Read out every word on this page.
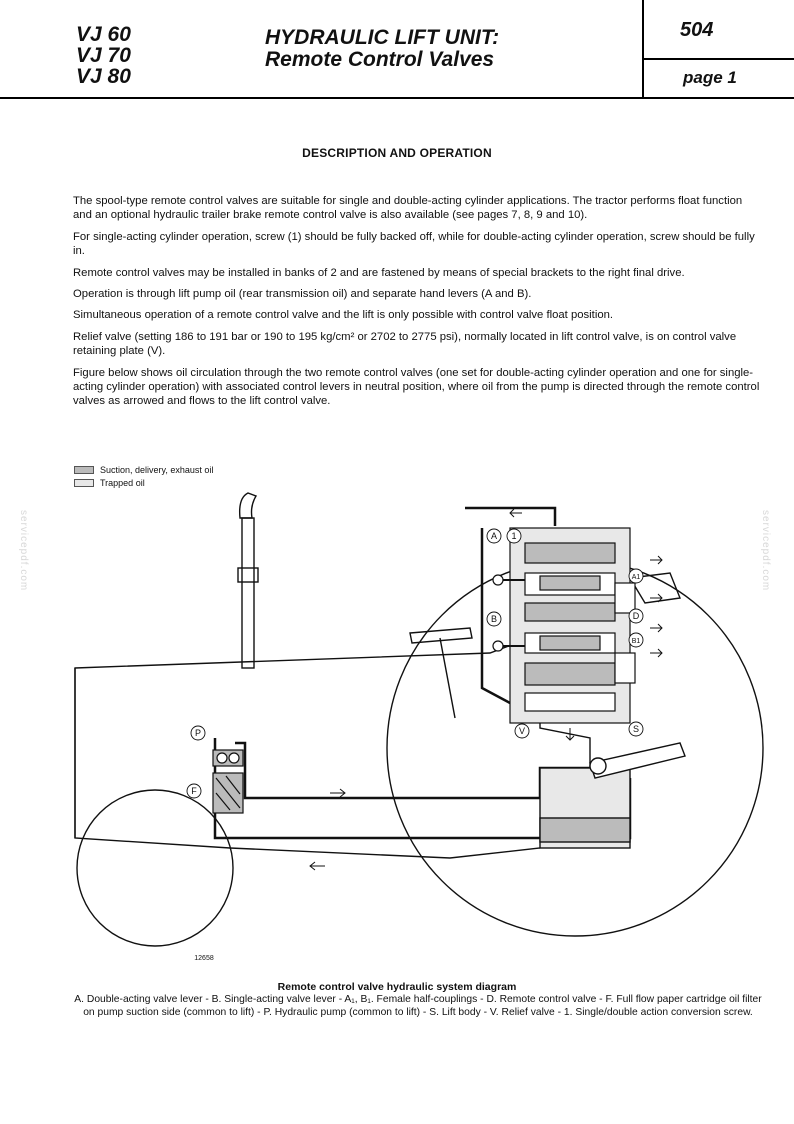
VJ 60
VJ 70
VJ 80
HYDRAULIC LIFT UNIT:
Remote Control Valves
504
page 1
DESCRIPTION AND OPERATION

The spool-type remote control valves are suitable for single and double-acting cylinder applications. The tractor performs float function and an optional hydraulic trailer brake remote control valve is also available (see pages 7, 8, 9 and 10).

For single-acting cylinder operation, screw (1) should be fully backed off, while for double-acting cylinder operation, screw should be fully in.

Remote control valves may be installed in banks of 2 and are fastened by means of special brackets to the right final drive.

Operation is through lift pump oil (rear transmission oil) and separate hand levers (A and B).

Simultaneous operation of a remote control valve and the lift is only possible with control valve float position.

Relief valve (setting 186 to 191 bar or 190 to 195 kg/cm² or 2702 to 2775 psi), normally located in lift control valve, is on control valve retaining plate (V).

Figure below shows oil circulation through the two remote control valves (one set for double-acting cylinder operation and one for single-acting cylinder operation) with associated control levers in neutral position, where oil from the pump is directed through the remote control valves as arrowed and flows to the lift control valve.

Suction, delivery, exhaust oil
Trapped oil
servicepdf.com	servicepdf.com
A 1
A1
D
B
B1
V	S
P
F
12658
Remote control valve hydraulic system diagram
A. Double-acting valve lever - B. Single-acting valve lever - A₁, B₁. Female half-couplings - D. Remote control valve - F. Full flow paper cartridge oil filter on pump suction side (common to lift) - P. Hydraulic pump (common to lift) - S. Lift body - V. Relief valve - 1. Single/double action conversion screw.
